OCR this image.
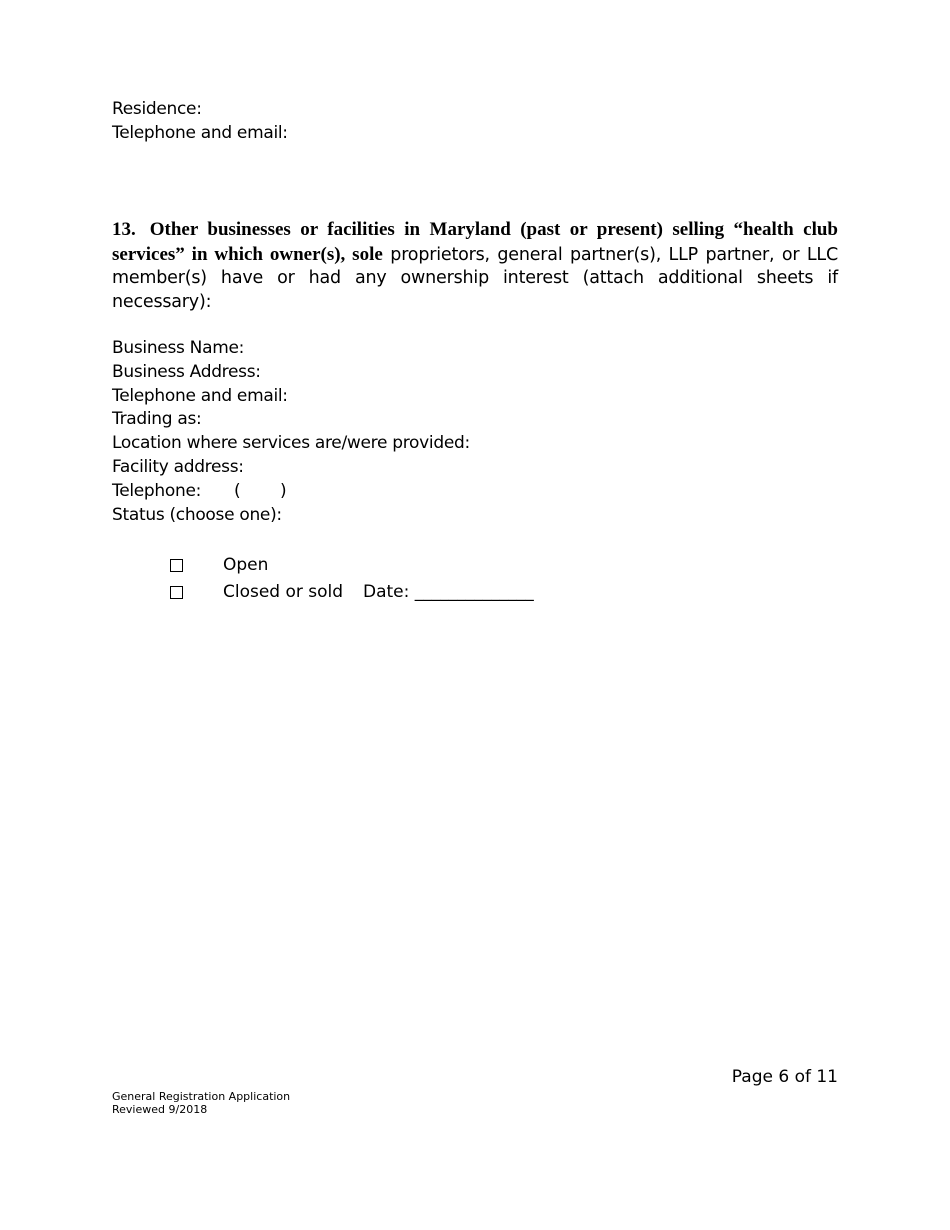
Residence:
Telephone and email:
13. Other businesses or facilities in Maryland (past or present) selling “health club services” in which owner(s), sole proprietors, general partner(s), LLP partner, or LLC member(s) have or had any ownership interest (attach additional sheets if necessary):
Business Name:
Business Address:
Telephone and email:
Trading as:
Location where services are/were provided:
Facility address:
Telephone: ( )
Status (choose one):
Open
Closed or sold Date: ______________
Page 6 of 11
General Registration Application
Reviewed 9/2018
